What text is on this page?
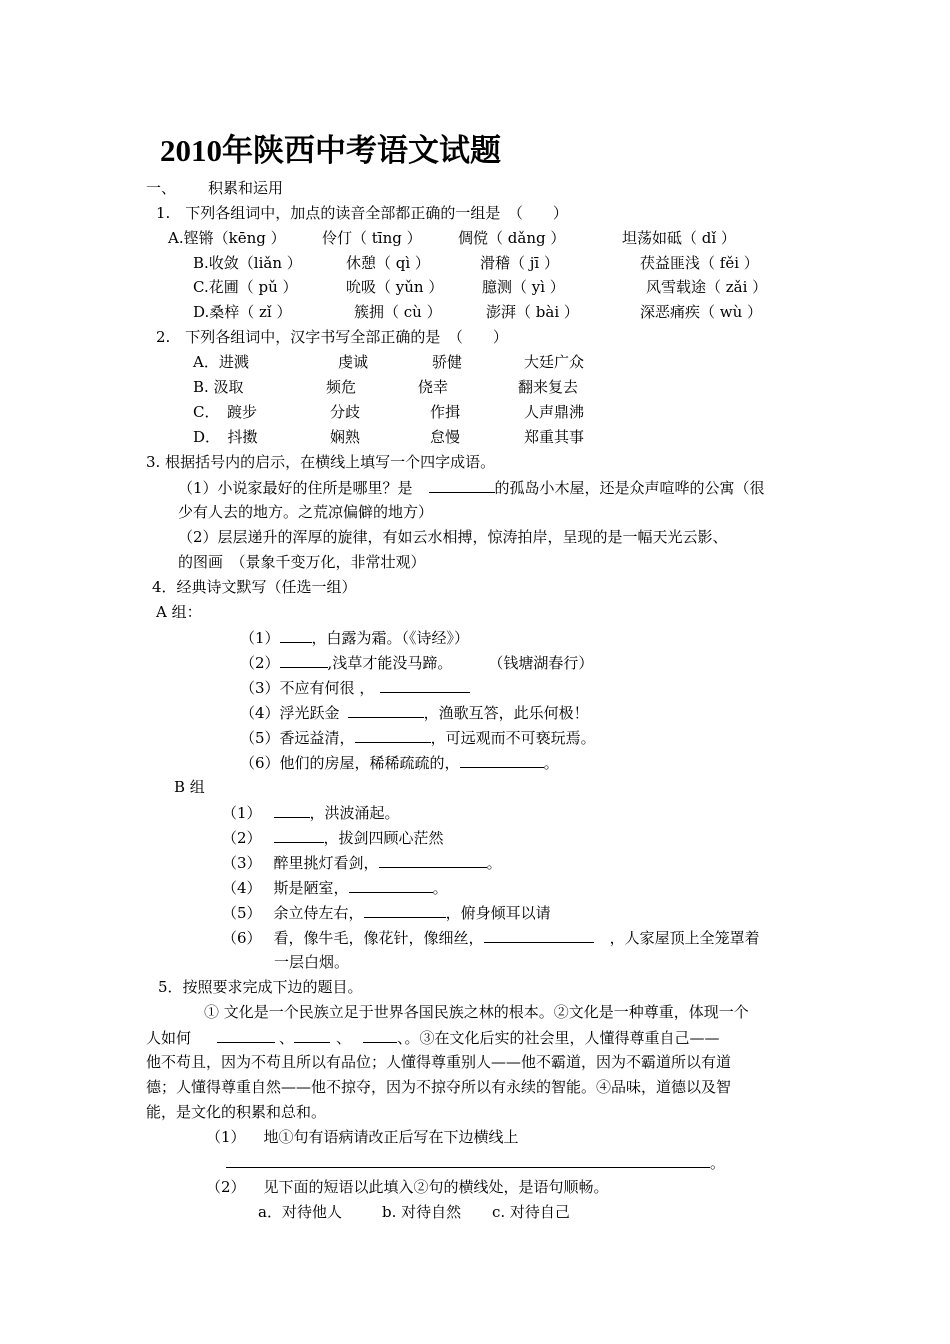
2010年陕西中考语文试题
一、 积累和运用
1.　下列各组词中，加点的读音全部都正确的一组是　（　　）
A.铿锵（kēng ） 伶仃（ tīng ） 倜傥（ dǎng ）	坦荡如砥（ dǐ ）
B.收敛（liǎn ）	休憩（ qì ）	滑稽（ jī ）	茯益匪浅（ fěi ）
C.花圃（ pǔ ）	吮吸（ yǔn ）	臆测（ yì ）	风雪载途（ zǎi ）
D.桑梓（ zǐ ）	簇拥（ cù ）	澎湃（ bài ）	深恶痛疾（ wù ）
2.　下列各组词中，汉字书写全部正确的是　（　　）
A．进溅	虔诚	骄健	大廷广众
B. 汲取	频危	侥幸	翻来复去
C．　踱步	分歧	作揖	人声鼎沸
D．　抖擞	娴熟	怠慢	郑重其事
3. 根据括号内的启示，在横线上填写一个四字成语。
（1）小说家最好的住所是哪里？是	的孤岛小木屋，还是众声喧哗的公寓（很
少有人去的地方。之荒凉偏僻的地方）
（2）层层递升的浑厚的旋律，有如云水相搏，惊涛拍岸，呈现的是一幅天光云影、
的图画　（景象千变万化，非常壮观）
4．经典诗文默写（任选一组）
A 组：
（1） ，白露为霜。（《诗经》）
（2）	,浅草才能没马蹄。 （钱塘湖春行）
（3）不应有何很 ，
（4）浮光跃金	，渔歌互答，此乐何极！
（5）香远益清，	，可远观而不可亵玩焉。
（6）他们的房屋，稀稀疏疏的，	。
B 组
（1）	，洪波涌起。
（2）	，拔剑四顾心茫然
（3） 醉里挑灯看剑，	。
（4） 斯是陋室，	。
（5） 余立侍左右，	，俯身倾耳以请
（6） 看，像牛毛，像花针，像细丝，	，人家屋顶上全笼罩着
一层白烟。
5．按照要求完成下边的题目。
① 文化是一个民族立足于世界各国民族之林的根本。②文化是一种尊重，体现一个
人如何	、	、	、。③在文化后实的社会里，人懂得尊重自己——
他不苟且，因为不苟且所以有品位；人懂得尊重别人——他不霸道，因为不霸道所以有道
德；人懂得尊重自然——他不掠夺，因为不掠夺所以有永续的智能。④品味，道德以及智
能，是文化的积累和总和。
（1） 地①句有语病请改正后写在下边横线上
。
（2） 见下面的短语以此填入②句的横线处，是语句顺畅。
a．对待他人	b. 对待自然 c. 对待自己
